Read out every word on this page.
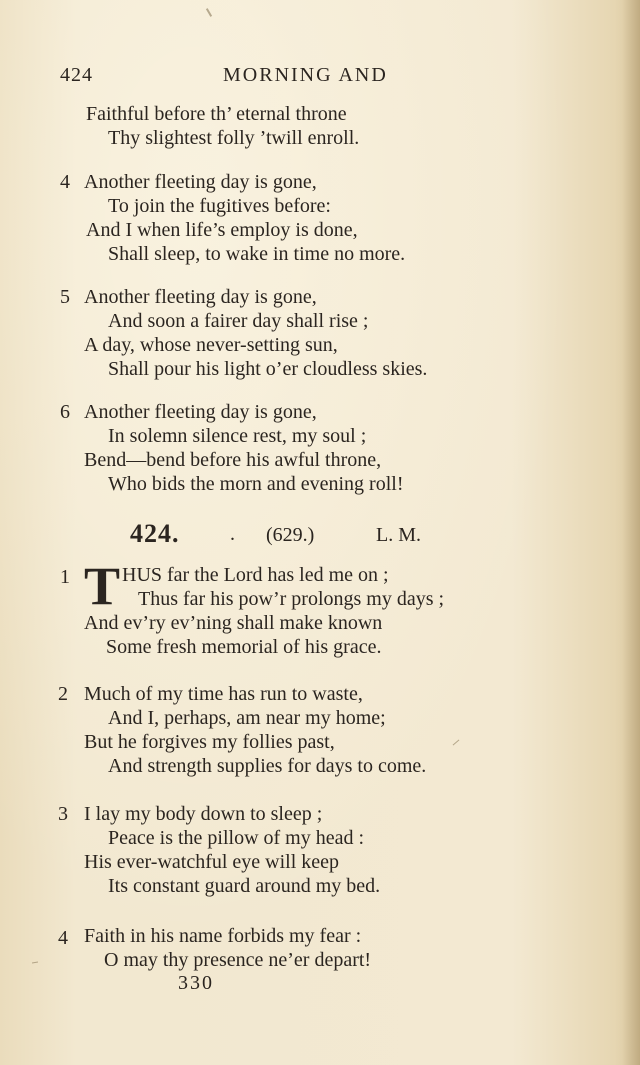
424	MORNING AND
Faithful before th’ eternal throne
Thy slightest folly ’twill enroll.
4 Another fleeting day is gone,
To join the fugitives before:
And I when life’s employ is done,
Shall sleep, to wake in time no more.
5 Another fleeting day is gone,
And soon a fairer day shall rise ;
A day, whose never-setting sun,
Shall pour his light o’er cloudless skies.
6 Another fleeting day is gone,
In solemn silence rest, my soul ;
Bend—bend before his awful throne,
Who bids the morn and evening roll!
424.	. (629.)	L. M.
1 T HUS far the Lord has led me on ;
Thus far his pow’r prolongs my days ;
And ev’ry ev’ning shall make known
Some fresh memorial of his grace.
2 Much of my time has run to waste,
And I, perhaps, am near my home;
But he forgives my follies past,
And strength supplies for days to come.
3 I lay my body down to sleep ;
Peace is the pillow of my head :
His ever-watchful eye will keep
Its constant guard around my bed.
4 Faith in his name forbids my fear :
O may thy presence ne’er depart!
330
